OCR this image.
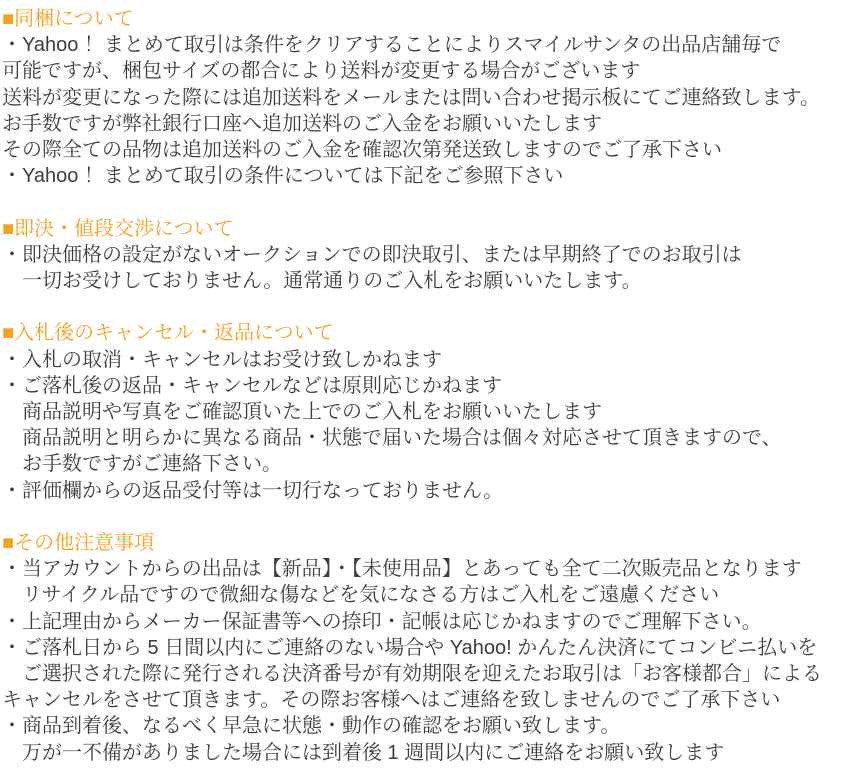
■同梱について
・Yahoo ！まとめて取引は条件をクリアすることによりスマイルサンタの出品店舗毎で
可能ですが、梱包サイズの都合により送料が変更する場合がございます
送料が変更になった際には追加送料をメールまたは問い合わせ掲示板にてご連絡致します。
お手数ですが弊社銀行口座へ追加送料のご入金をお願いいたします
その際全ての品物は追加送料のご入金を確認次第発送致しますのでご了承下さい
・Yahoo ！まとめて取引の条件については下記をご参照下さい
■即決・値段交渉について
・即決価格の設定がないオークションでの即決取引、または早期終了でのお取引は
　一切お受けしておりません。通常通りのご入札をお願いいたします。
■入札後のキャンセル・返品について
・入札の取消・キャンセルはお受け致しかねます
・ご落札後の返品・キャンセルなどは原則応じかねます
　商品説明や写真をご確認頂いた上でのご入札をお願いいたします
　商品説明と明らかに異なる商品・状態で届いた場合は個々対応させて頂きますので、
　お手数ですがご連絡下さい。
・評価欄からの返品受付等は一切行なっておりません。
■その他注意事項
・当アカウントからの出品は【新品】・【未使用品】とあっても全て二次販売品となります
　リサイクル品ですので微細な傷などを気になさる方はご入札をご遠慮ください
・上記理由からメーカー保証書等への捺印・記帳は応じかねますのでご理解下さい。
・ご落札日から 5 日間以内にご連絡のない場合や Yahoo! かんたん決済にてコンビニ払いを
　ご選択された際に発行される決済番号が有効期限を迎えたお取引は「お客様都合」による
キャンセルをさせて頂きます。その際お客様へはご連絡を致しませんのでご了承下さい
・商品到着後、なるべく早急に状態・動作の確認をお願い致します。
　万が一不備がありました場合には到着後 1 週間以内にご連絡をお願い致します
